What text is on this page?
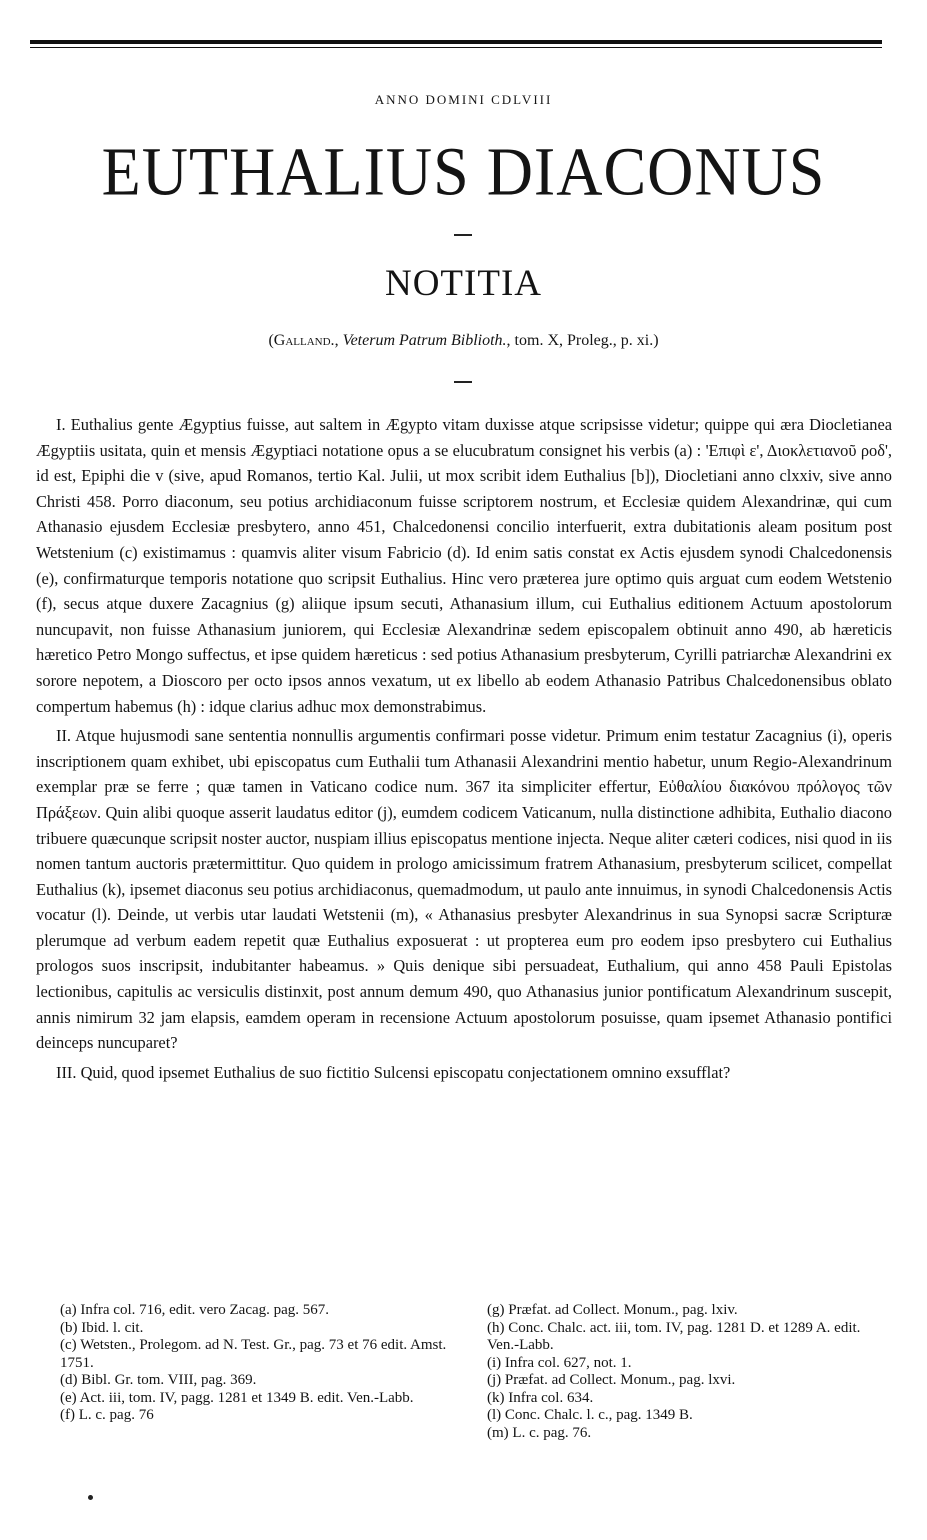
ANNO DOMINI CDLVIII
EUTHALIUS DIACONUS
NOTITIA
(Galland., Veterum Patrum Biblioth., tom. X, Proleg., p. xi.)

I. Euthalius gente Ægyptius fuisse, aut saltem in Ægypto vitam duxisse atque scripsisse videtur; quippe qui æra Diocletianea Ægyptiis usitata, quin et mensis Ægyptiaci notatione opus a se elucubratum consignet his verbis (a) : 'Επιφὶ ε', Διοκλετιανοῦ ροδ', id est, Epiphi die v (sive, apud Romanos, tertio Kal. Julii, ut mox scribit idem Euthalius [b]), Diocletiani anno clxxiv, sive anno Christi 458. Porro diaconum, seu potius archidiaconum fuisse scriptorem nostrum, et Ecclesiæ quidem Alexandrinæ, qui cum Athanasio ejusdem Ecclesiæ presbytero, anno 451, Chalcedonensi concilio interfuerit, extra dubitationis aleam positum post Wetstenium (c) existimamus : quamvis aliter visum Fabricio (d). Id enim satis constat ex Actis ejusdem synodi Chalcedonensis (e), confirmaturque temporis notatione quo scripsit Euthalius. Hinc vero præterea jure optimo quis arguat cum eodem Wetstenio (f), secus atque duxere Zacagnius (g) aliique ipsum secuti, Athanasium illum, cui Euthalius editionem Actuum apostolorum nuncupavit, non fuisse Athanasium juniorem, qui Ecclesiæ Alexandrinæ sedem episcopalem obtinuit anno 490, ab hæreticis hæretico Petro Mongo suffectus, et ipse quidem hæreticus : sed potius Athanasium presbyterum, Cyrilli patriarchæ Alexandrini ex sorore nepotem, a Dioscoro per octo ipsos annos vexatum, ut ex libello ab eodem Athanasio Patribus Chalcedonensibus oblato compertum habemus (h) : idque clarius adhuc mox demonstrabimus.

II. Atque hujusmodi sane sententia nonnullis argumentis confirmari posse videtur. Primum enim testatur Zacagnius (i), operis inscriptionem quam exhibet, ubi episcopatus cum Euthalii tum Athanasii Alexandrini mentio habetur, unum Regio-Alexandrinum exemplar præ se ferre ; quæ tamen in Vaticano codice num. 367 ita simpliciter effertur, Εὐθαλίου διακόνου πρόλογος τῶν Πράξεων. Quin alibi quoque asserit laudatus editor (j), eumdem codicem Vaticanum, nulla distinctione adhibita, Euthalio diacono tribuere quæcunque scripsit noster auctor, nuspiam illius episcopatus mentione injecta. Neque aliter cæteri codices, nisi quod in iis nomen tantum auctoris prætermittitur. Quo quidem in prologo amicissimum fratrem Athanasium, presbyterum scilicet, compellat Euthalius (k), ipsemet diaconus seu potius archidiaconus, quemadmodum, ut paulo ante innuimus, in synodi Chalcedonensis Actis vocatur (l). Deinde, ut verbis utar laudati Wetstenii (m), « Athanasius presbyter Alexandrinus in sua Synopsi sacræ Scripturæ plerumque ad verbum eadem repetit quæ Euthalius exposuerat : ut propterea eum pro eodem ipso presbytero cui Euthalius prologos suos inscripsit, indubitanter habeamus. » Quis denique sibi persuadeat, Euthalium, qui anno 458 Pauli Epistolas lectionibus, capitulis ac versiculis distinxit, post annum demum 490, quo Athanasius junior pontificatum Alexandrinum suscepit, annis nimirum 32 jam elapsis, eamdem operam in recensione Actuum apostolorum posuisse, quam ipsemet Athanasio pontifici deinceps nuncuparet?

III. Quid, quod ipsemet Euthalius de suo fictitio Sulcensi episcopatu conjectationem omnino exsufflat?

(a) Infra col. 716, edit. vero Zacag. pag. 567.

(b) Ibid. l. cit.

(c) Wetsten., Prolegom. ad N. Test. Gr., pag. 73 et 76 edit. Amst. 1751.

(d) Bibl. Gr. tom. VIII, pag. 369.

(e) Act. iii, tom. IV, pagg. 1281 et 1349 B. edit. Ven.-Labb.

(f) L. c. pag. 76

(g) Præfat. ad Collect. Monum., pag. lxiv.

(h) Conc. Chalc. act. iii, tom. IV, pag. 1281 D. et 1289 A. edit. Ven.-Labb.

(i) Infra col. 627, not. 1.

(j) Præfat. ad Collect. Monum., pag. lxvi.

(k) Infra col. 634.

(l) Conc. Chalc. l. c., pag. 1349 B.

(m) L. c. pag. 76.
